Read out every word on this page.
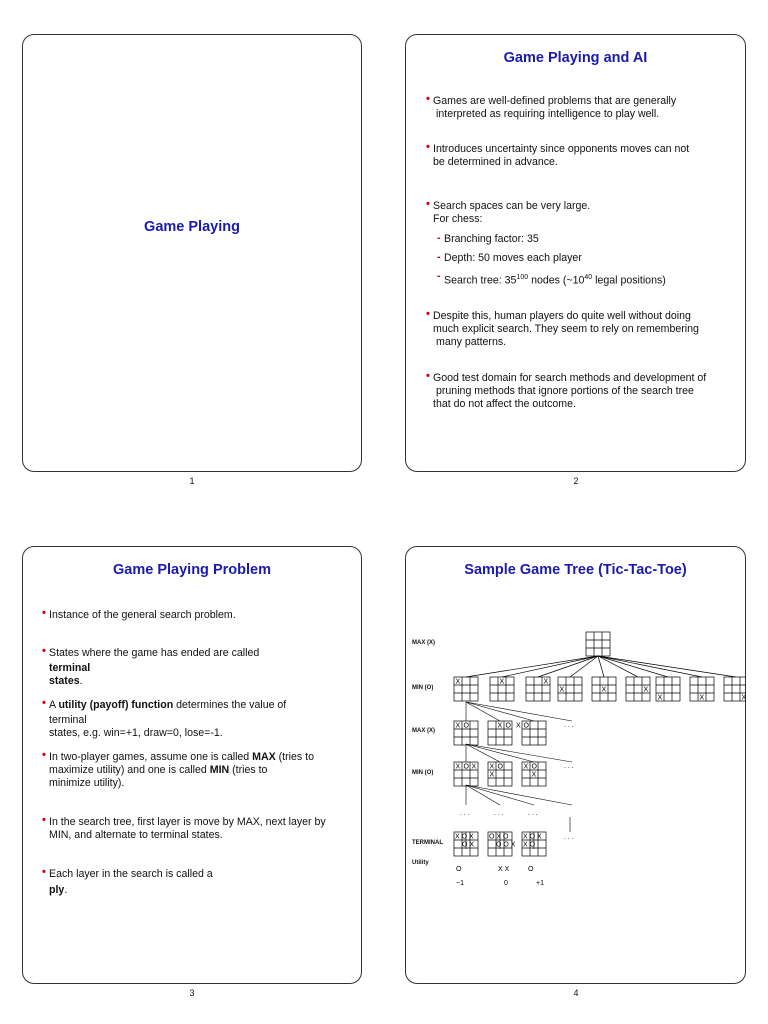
Game Playing
1
Game Playing and AI
• Games are well-defined problems that are generally
interpreted as requiring intelligence to play well.
• Introduces uncertainty since opponents moves can not
be determined in advance.
• Search spaces can be very large.
For chess:
- Branching factor: 35
- Depth: 50 moves each player
- Search tree: $35^{100}$ nodes ($\sim 10^{40}$ legal positions)
• Despite this, human players do quite well without doing
much explicit search. They seem to rely on remembering
many patterns.
• Good test domain for search methods and development of
pruning methods that ignore portions of the search tree
that do not affect the outcome.
2
Game Playing Problem
• Instance of the general search problem.
• States where the game has ended are called
terminal
states.
• A utility (payoff) function determines the value of
terminal
states, e.g. win=+1, draw=0, lose=-1.
• In two-player games, assume one is called MAX (tries to
maximize utility) and one is called MIN (tries to
minimize utility).
• In the search tree, first layer is move by MAX, next layer by
MIN, and alternate to terminal states.
• Each layer in the search is called a
ply.
3
Sample Game Tree (Tic-Tac-Toe)
MAX (X)
MIN (O)
MAX (X)
MIN (O)
TERMINAL
Utility
X	X	X
X	X	X
X	X	X
X O	X O X O
X O X X O
X
X O
X
X O X
O X
O X O
O O X
X O X
X O
. . .
. . .
. . .	. . .	. . .
. . .
O	X X	O
−1	0	+1
4
